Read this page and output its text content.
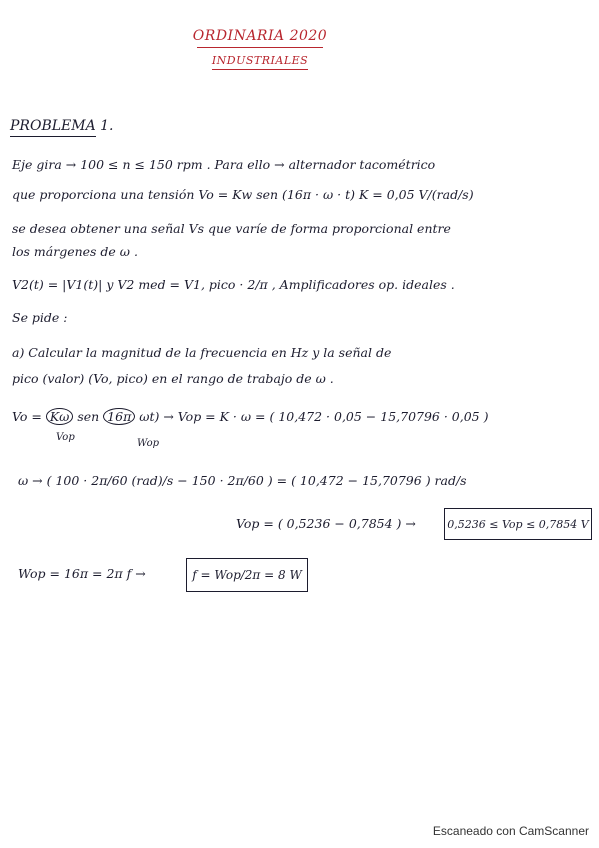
ORDINARIA 2020
INDUSTRIALES
PROBLEMA 1.
Eje gira → 100 ≤ n ≤ 150 rpm . Para ello → alternador tacométrico
que proporciona una tensión Vo = Kw sen (16π · ω · t) K = 0,05 V/(rad/s)
se desea obtener una señal Vs que varíe de forma proporcional entre
los márgenes de ω .
V2(t) = |V1(t)| y V2 med = V1, pico · 2/π , Amplificadores op. ideales .
Se pide :
a) Calcular la magnitud de la frecuencia en Hz y la señal de
pico (valor) (Vo, pico) en el rango de trabajo de ω .
Vo = Kω sen 16π ωt) → Vop = K · ω = ( 10,472 · 0,05 − 15,70796 · 0,05 )
Vop
Wop
ω → ( 100 · 2π/60 (rad)/s − 150 · 2π/60 ) = ( 10,472 − 15,70796 ) rad/s
Vop = ( 0,5236 − 0,7854 ) →	0,5236 ≤ Vop ≤ 0,7854 V
Wop = 16π = 2π f →	f = Wop/2π = 8 W
Escaneado con CamScanner
